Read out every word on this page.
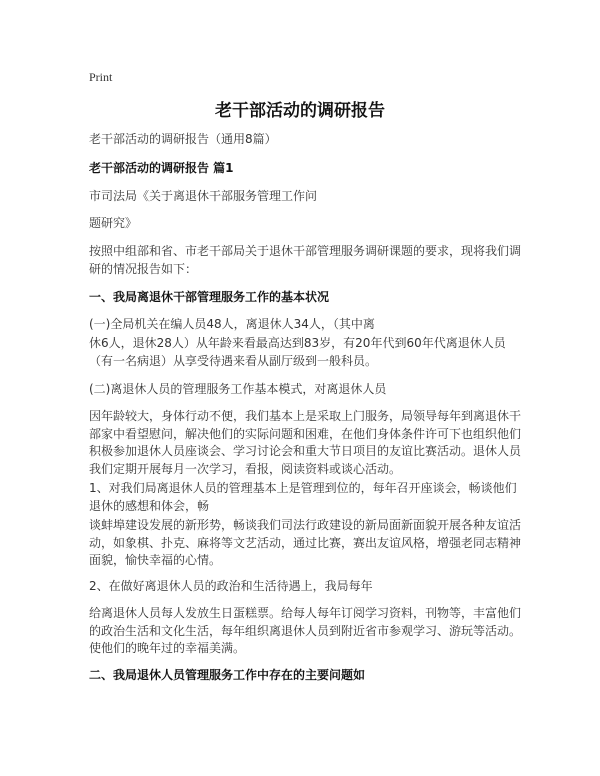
Print
老干部活动的调研报告

老干部活动的调研报告（通用8篇）

老干部活动的调研报告 篇1

市司法局《关于离退休干部服务管理工作问

题研究》

按照中组部和省、市老干部局关于退休干部管理服务调研课题的要求，现将我们调研的情况报告如下：

一、我局离退休干部管理服务工作的基本状况

(一)全局机关在编人员48人，离退休人34人，（其中离

休6人，退休28人）从年龄来看最高达到83岁，有20年代到60年代离退休人员（有一名病退）从享受待遇来看从副厅级到一般科员。

(二)离退休人员的管理服务工作基本模式，对离退休人员

因年龄较大，身体行动不便，我们基本上是采取上门服务，局领导每年到离退休干部家中看望慰问，解决他们的实际问题和困难，在他们身体条件许可下也组织他们积极参加退休人员座谈会、学习讨论会和重大节日项目的友谊比赛活动。退休人员我们定期开展每月一次学习，看报，阅读资料或谈心活动。

1、对我们局离退休人员的管理基本上是管理到位的，每年召开座谈会，畅谈他们退休的感想和体会，畅

谈蚌埠建设发展的新形势，畅谈我们司法行政建设的新局面新面貌开展各种友谊活动，如象棋、扑克、麻将等文艺活动，通过比赛，赛出友谊风格，增强老同志精神面貌，愉快幸福的心情。

2、在做好离退休人员的政治和生活待遇上，我局每年

给离退休人员每人发放生日蛋糕票。给每人每年订阅学习资料，刊物等，丰富他们的政治生活和文化生活，每年组织离退休人员到附近省市参观学习、游玩等活动。使他们的晚年过的幸福美满。

二、我局退休人员管理服务工作中存在的主要问题如
